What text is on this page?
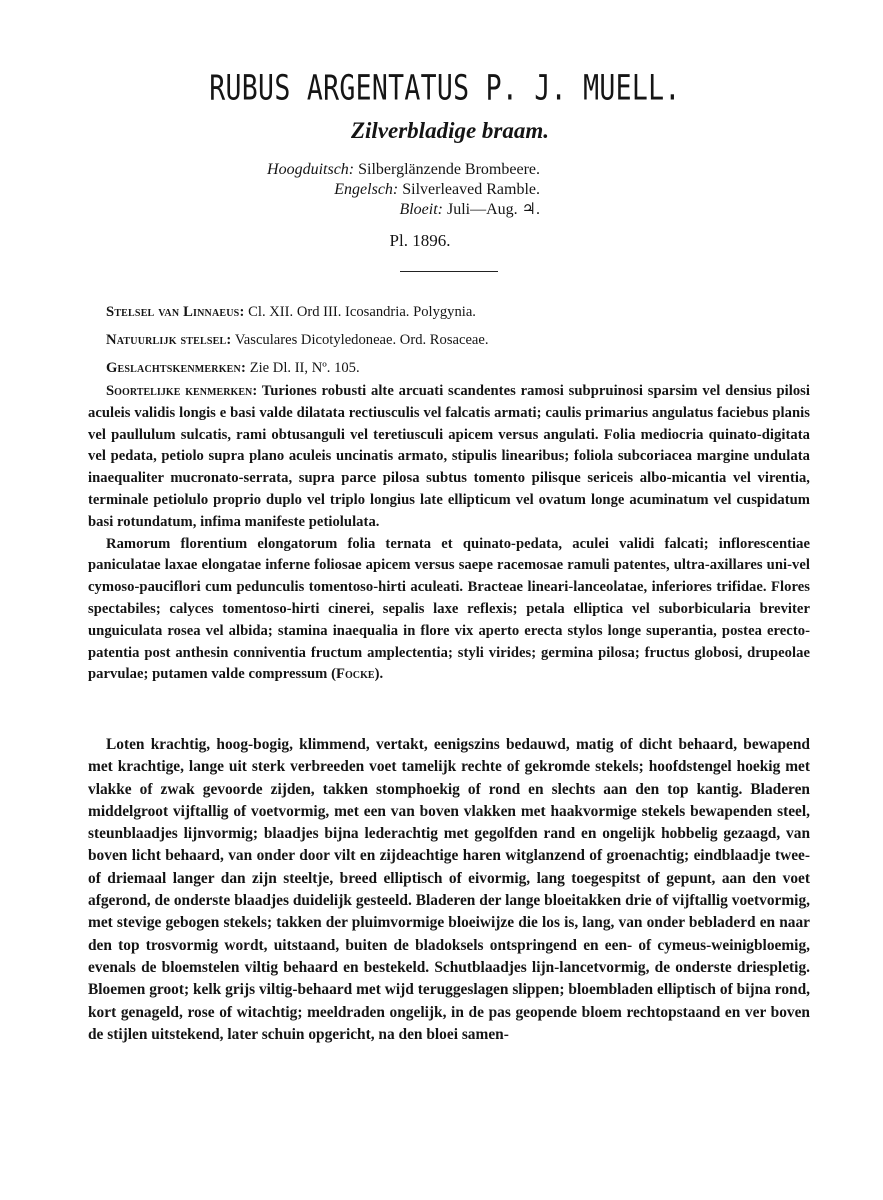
RUBUS ARGENTATUS P. J. MUELL.
Zilverbladige braam.
Hoogduitsch: Silberglänzende Brombeere.
Engelsch: Silverleaved Ramble.
Bloeit: Juli—Aug. ♃.
Pl. 1896.
Stelsel van Linnaeus: Cl. XII. Ord III. Icosandria. Polygynia.
Natuurlijk stelsel: Vasculares Dicotyledoneae. Ord. Rosaceae.
Geslachtskenmerken: Zie Dl. II, Nº. 105.

Soortelijke kenmerken: Turiones robusti alte arcuati scandentes ramosi subpruinosi sparsim vel densius pilosi aculeis validis longis e basi valde dilatata rectiusculis vel falcatis armati; caulis primarius angulatus faciebus planis vel paullulum sulcatis, rami obtusanguli vel teretiusculi apicem versus angulati. Folia mediocria quinato-digitata vel pedata, petiolo supra plano aculeis uncinatis armato, stipulis linearibus; foliola subcoriacea margine undulata inaequaliter mucronato-serrata, supra parce pilosa subtus tomento pilisque sericeis albo-micantia vel virentia, terminale petiolulo proprio duplo vel triplo longius late ellipticum vel ovatum longe acuminatum vel cuspidatum basi rotundatum, infima manifeste petiolulata.

Ramorum florentium elongatorum folia ternata et quinato-pedata, aculei validi falcati; inflorescentiae paniculatae laxae elongatae inferne foliosae apicem versus saepe racemosae ramuli patentes, ultra-axillares uni-vel cymoso-pauciflori cum pedunculis tomentoso-hirti aculeati. Bracteae lineari-lanceolatae, inferiores trifidae. Flores spectabiles; calyces tomentoso-hirti cinerei, sepalis laxe reflexis; petala elliptica vel suborbicularia breviter unguiculata rosea vel albida; stamina inaequalia in flore vix aperto erecta stylos longe superantia, postea erecto-patentia post anthesin conniventia fructum amplectentia; styli virides; germina pilosa; fructus globosi, drupeolae parvulae; putamen valde compressum (Focke).

Loten krachtig, hoog-bogig, klimmend, vertakt, eenigszins bedauwd, matig of dicht behaard, bewapend met krachtige, lange uit sterk verbreeden voet tamelijk rechte of gekromde stekels; hoofdstengel hoekig met vlakke of zwak gevoorde zijden, takken stomphoekig of rond en slechts aan den top kantig. Bladeren middelgroot vijftallig of voetvormig, met een van boven vlakken met haakvormige stekels bewapenden steel, steunblaadjes lijnvormig; blaadjes bijna lederachtig met gegolfden rand en ongelijk hobbelig gezaagd, van boven licht behaard, van onder door vilt en zijdeachtige haren witglanzend of groenachtig; eindblaadje twee- of driemaal langer dan zijn steeltje, breed elliptisch of eivormig, lang toegespitst of gepunt, aan den voet afgerond, de onderste blaadjes duidelijk gesteeld. Bladeren der lange bloeitakken drie of vijftallig voetvormig, met stevige gebogen stekels; takken der pluimvormige bloeiwijze die los is, lang, van onder bebladerd en naar den top trosvormig wordt, uitstaand, buiten de bladoksels ontspringend en een- of cymeus-weinigbloemig, evenals de bloemstelen viltig behaard en bestekeld. Schutblaadjes lijn-lancetvormig, de onderste driespletig. Bloemen groot; kelk grijs viltig-behaard met wijd teruggeslagen slippen; bloembladen elliptisch of bijna rond, kort genageld, rose of witachtig; meeldraden ongelijk, in de pas geopende bloem rechtopstaand en ver boven de stijlen uitstekend, later schuin opgericht, na den bloei samen-
